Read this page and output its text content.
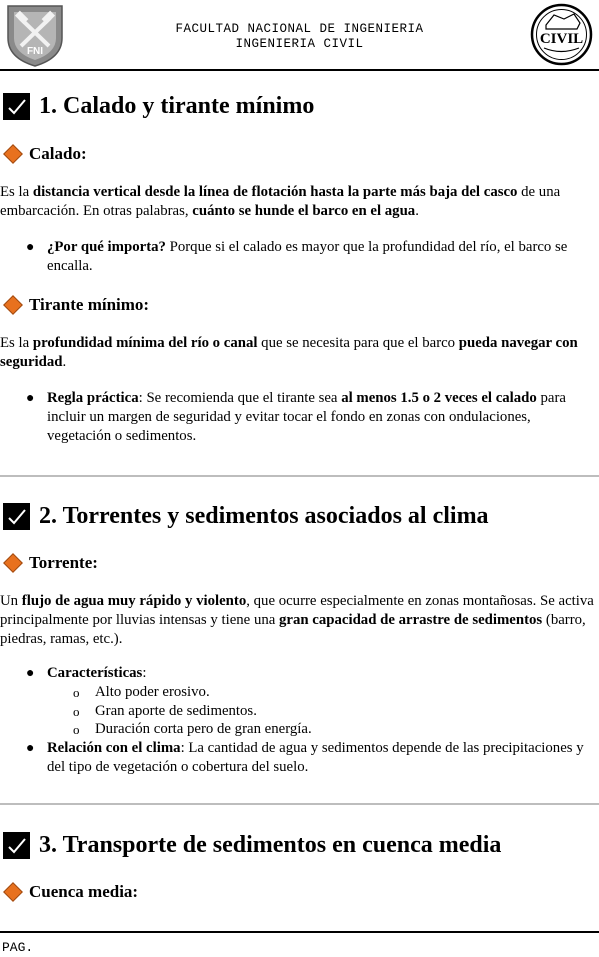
FNI
FACULTAD NACIONAL DE INGENIERIA
INGENIERIA CIVIL	CIVIL
1. Calado y tirante mínimo
Calado:
Es la distancia vertical desde la línea de flotación hasta la parte más baja del casco de una embarcación. En otras palabras, cuánto se hunde el barco en el agua.
● ¿Por qué importa? Porque si el calado es mayor que la profundidad del río, el barco se encalla.
Tirante mínimo:
Es la profundidad mínima del río o canal que se necesita para que el barco pueda navegar con seguridad.
● Regla práctica: Se recomienda que el tirante sea al menos 1.5 o 2 veces el calado para incluir un margen de seguridad y evitar tocar el fondo en zonas con ondulaciones, vegetación o sedimentos.
2. Torrentes y sedimentos asociados al clima
Torrente:
Un flujo de agua muy rápido y violento, que ocurre especialmente en zonas montañosas. Se activa principalmente por lluvias intensas y tiene una gran capacidad de arrastre de sedimentos (barro, piedras, ramas, etc.).
● Características:
o Alto poder erosivo.
o Gran aporte de sedimentos.
o Duración corta pero de gran energía.
● Relación con el clima: La cantidad de agua y sedimentos depende de las precipitaciones y del tipo de vegetación o cobertura del suelo.
3. Transporte de sedimentos en cuenca media
Cuenca media:
PAG.
